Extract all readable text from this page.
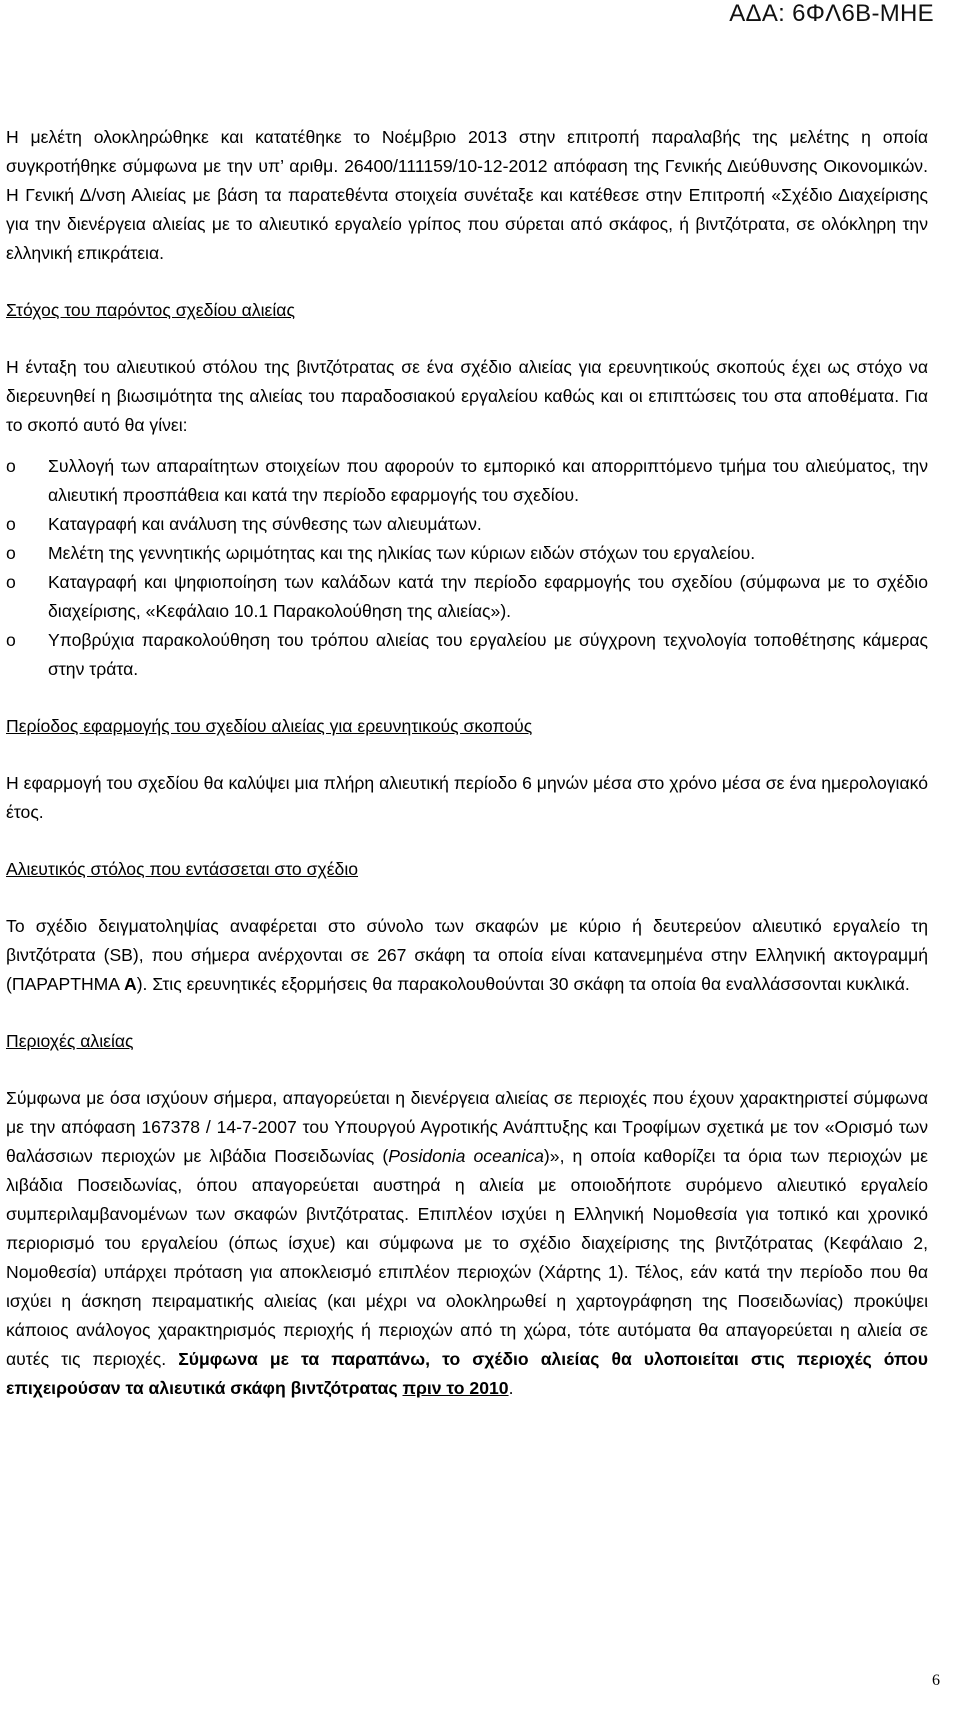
ΑΔΑ: 6ΦΛ6Β-ΜΗΕ

Η μελέτη ολοκληρώθηκε και κατατέθηκε το Νοέμβριο 2013 στην επιτροπή παραλαβής της μελέτης η οποία συγκροτήθηκε σύμφωνα με την υπ’ αριθμ. 26400/111159/10-12-2012 απόφαση της Γενικής Διεύθυνσης Οικονομικών. Η Γενική Δ/νση Αλιείας με βάση τα παρατεθέντα στοιχεία συνέταξε και κατέθεσε στην Επιτροπή «Σχέδιο Διαχείρισης για την διενέργεια αλιείας με το αλιευτικό εργαλείο γρίπος που σύρεται από σκάφος, ή βιντζότρατα, σε ολόκληρη την ελληνική επικράτεια.

Στόχος του παρόντος σχεδίου αλιείας

Η ένταξη του αλιευτικού στόλου της βιντζότρατας σε ένα σχέδιο αλιείας για ερευνητικούς σκοπούς έχει ως στόχο να διερευνηθεί η βιωσιμότητα της αλιείας του παραδοσιακού εργαλείου καθώς και οι επιπτώσεις του στα αποθέματα. Για το σκοπό αυτό θα γίνει:

o Συλλογή των απαραίτητων στοιχείων που αφορούν το εμπορικό και απορριπτόμενο τμήμα του αλιεύματος, την αλιευτική προσπάθεια και κατά την περίοδο εφαρμογής του σχεδίου.
o Καταγραφή και ανάλυση της σύνθεσης των αλιευμάτων.
o Μελέτη της γεννητικής ωριμότητας και της ηλικίας των κύριων ειδών στόχων του εργαλείου.
o Καταγραφή και ψηφιοποίηση των καλάδων κατά την περίοδο εφαρμογής του σχεδίου (σύμφωνα με το σχέδιο διαχείρισης, «Κεφάλαιο 10.1 Παρακολούθηση της αλιείας»).
o Υποβρύχια παρακολούθηση του τρόπου αλιείας του εργαλείου με σύγχρονη τεχνολογία τοποθέτησης κάμερας στην τράτα.

Περίοδος εφαρμογής του σχεδίου αλιείας για ερευνητικούς σκοπούς

Η εφαρμογή του σχεδίου θα καλύψει μια πλήρη αλιευτική περίοδο 6 μηνών μέσα στο χρόνο μέσα σε ένα ημερολογιακό έτος.

Αλιευτικός στόλος που εντάσσεται στο σχέδιο

Το σχέδιο δειγματοληψίας αναφέρεται στο σύνολο των σκαφών με κύριο ή δευτερεύον αλιευτικό εργαλείο τη βιντζότρατα (SB), που σήμερα ανέρχονται σε 267 σκάφη τα οποία είναι κατανεμημένα στην Ελληνική ακτογραμμή (ΠΑΡΑΡΤΗΜΑ Α). Στις ερευνητικές εξορμήσεις θα παρακολουθούνται 30 σκάφη τα οποία θα εναλλάσσονται κυκλικά.

Περιοχές αλιείας

Σύμφωνα με όσα ισχύουν σήμερα, απαγορεύεται η διενέργεια αλιείας σε περιοχές που έχουν χαρακτηριστεί σύμφωνα με την απόφαση 167378 / 14-7-2007 του Υπουργού Αγροτικής Ανάπτυξης και Τροφίμων σχετικά με τον «Ορισμό των θαλάσσιων περιοχών με λιβάδια Ποσειδωνίας (Posidonia oceanica)», η οποία καθορίζει τα όρια των περιοχών με λιβάδια Ποσειδωνίας, όπου απαγορεύεται αυστηρά η αλιεία με οποιοδήποτε συρόμενο αλιευτικό εργαλείο συμπεριλαμβανομένων των σκαφών βιντζότρατας. Επιπλέον ισχύει η Ελληνική Νομοθεσία για τοπικό και χρονικό περιορισμό του εργαλείου (όπως ίσχυε) και σύμφωνα με το σχέδιο διαχείρισης της βιντζότρατας (Κεφάλαιο 2, Νομοθεσία) υπάρχει πρόταση για αποκλεισμό επιπλέον περιοχών (Χάρτης 1). Τέλος, εάν κατά την περίοδο που θα ισχύει η άσκηση πειραματικής αλιείας (και μέχρι να ολοκληρωθεί η χαρτογράφηση της Ποσειδωνίας) προκύψει κάποιος ανάλογος χαρακτηρισμός περιοχής ή περιοχών από τη χώρα, τότε αυτόματα θα απαγορεύεται η αλιεία σε αυτές τις περιοχές. Σύμφωνα με τα παραπάνω, το σχέδιο αλιείας θα υλοποιείται στις περιοχές όπου επιχειρούσαν τα αλιευτικά σκάφη βιντζότρατας πριν το 2010.

6
